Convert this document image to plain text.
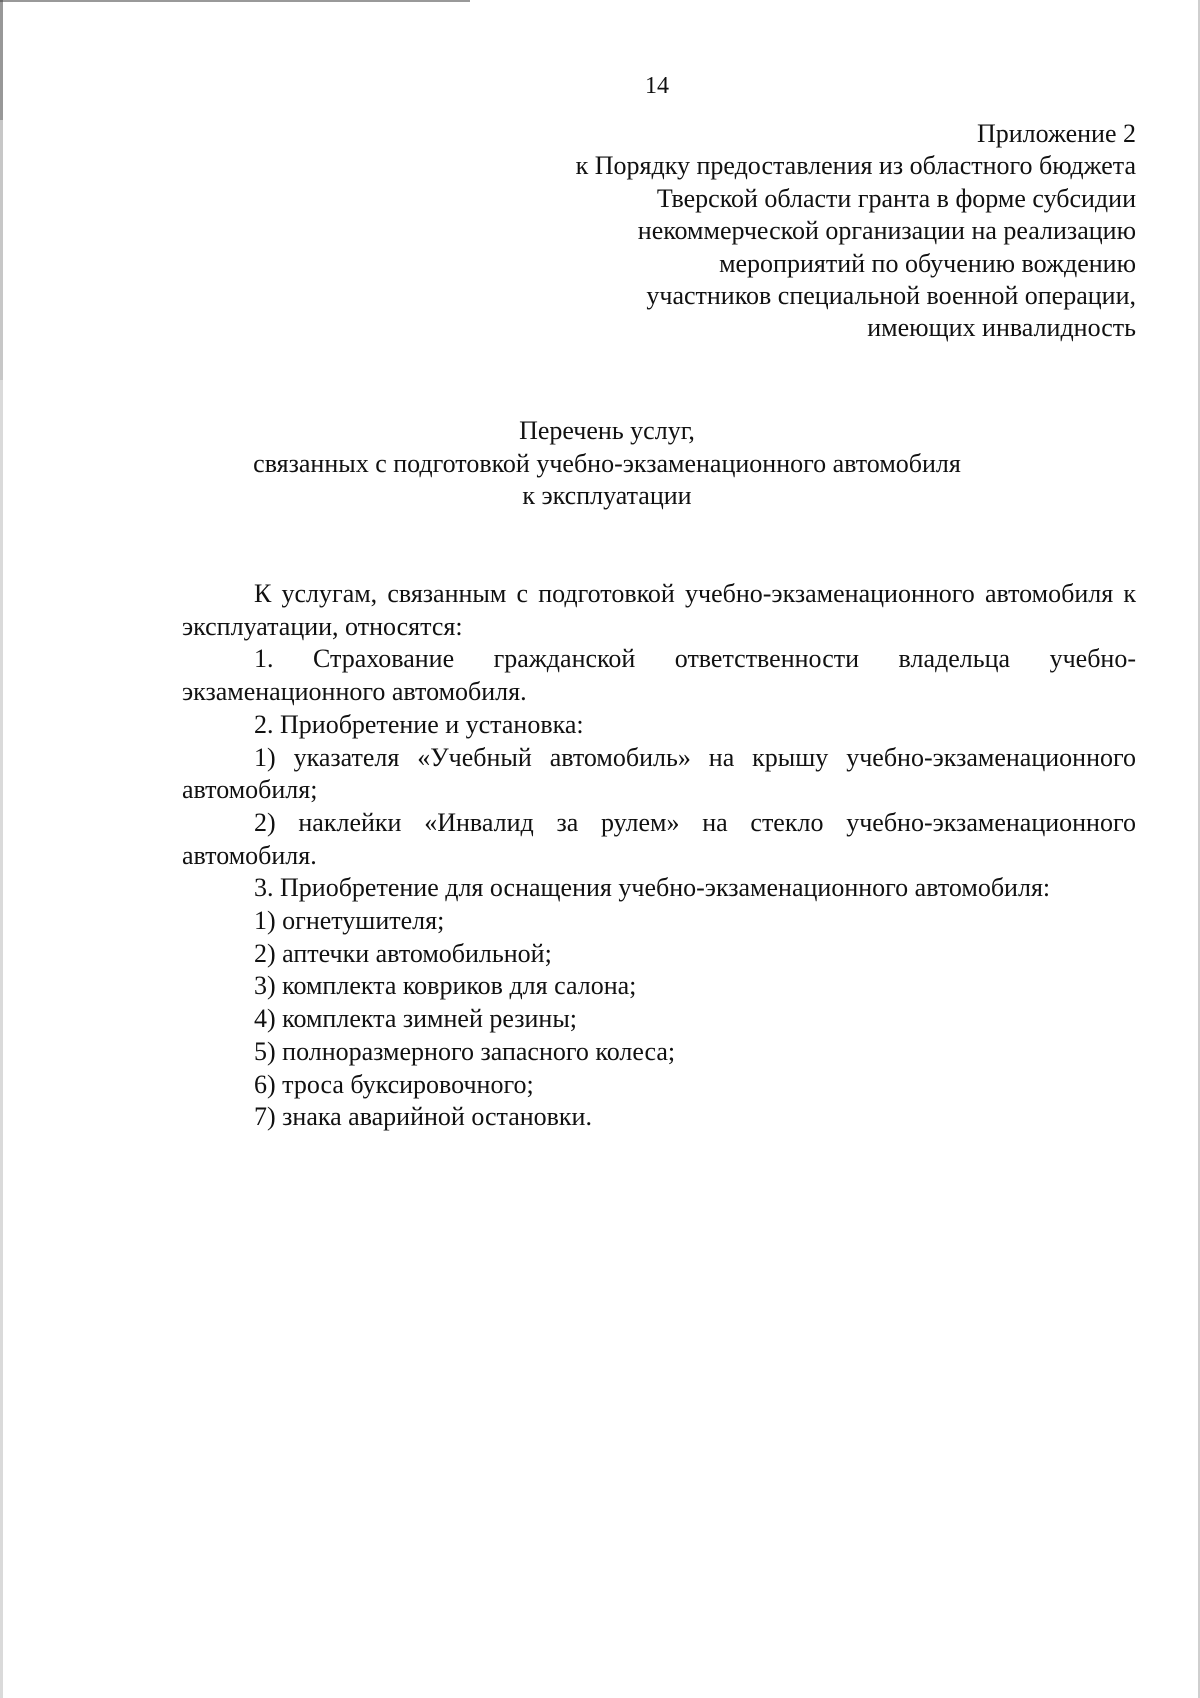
14
Приложение 2
к Порядку предоставления из областного бюджета
Тверской области гранта в форме субсидии
некоммерческой организации на реализацию
мероприятий по обучению вождению
участников специальной военной операции,
имеющих инвалидность
Перечень услуг,
связанных с подготовкой учебно-экзаменационного автомобиля
к эксплуатации

К услугам, связанным с подготовкой учебно-экзаменационного автомобиля к эксплуатации, относятся:

1. Страхование гражданской ответственности владельца учебно-экзаменационного автомобиля.

2. Приобретение и установка:

1) указателя «Учебный автомобиль» на крышу учебно-экзаменационного автомобиля;

2) наклейки «Инвалид за рулем» на стекло учебно-экзаменационного автомобиля.

3. Приобретение для оснащения учебно-экзаменационного автомобиля:

1) огнетушителя;

2) аптечки автомобильной;

3) комплекта ковриков для салона;

4) комплекта зимней резины;

5) полноразмерного запасного колеса;

6) троса буксировочного;

7) знака аварийной остановки.
